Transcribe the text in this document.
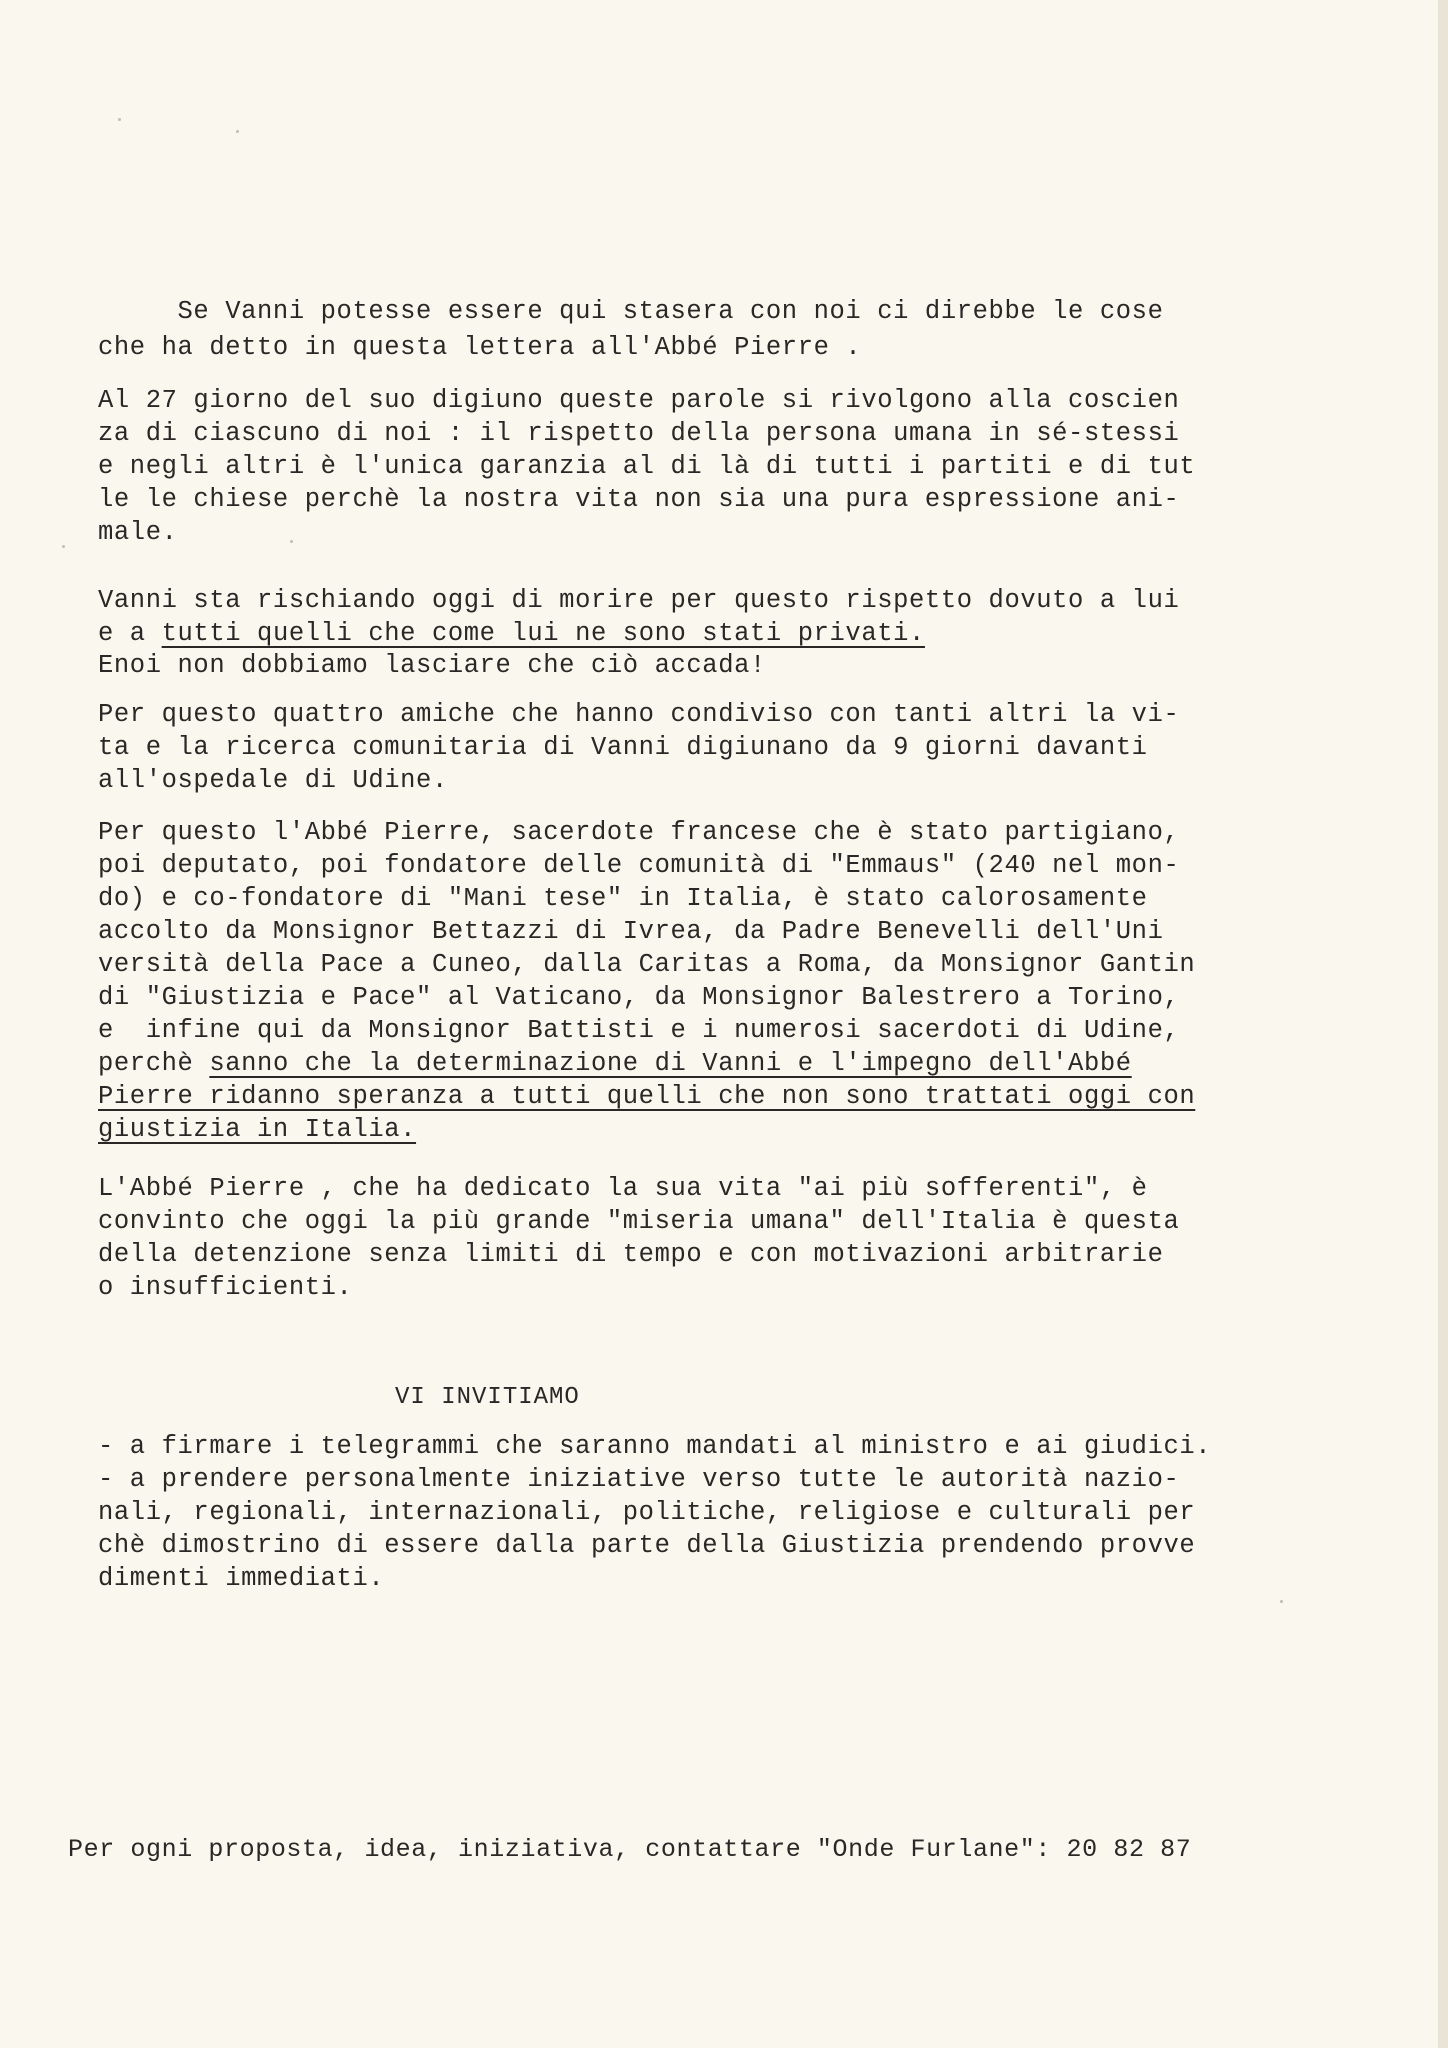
Se Vanni potesse essere qui stasera con noi ci direbbe le cose
che ha detto in questa lettera all'Abbé Pierre .
Al 27 giorno del suo digiuno queste parole si rivolgono alla coscien
za di ciascuno di noi : il rispetto della persona umana in sé-stessi
e negli altri è l'unica garanzia al di là di tutti i partiti e di tut
le le chiese perchè la nostra vita non sia una pura espressione ani-
male.
Vanni sta rischiando oggi di morire per questo rispetto dovuto a lui
e a tutti quelli che come lui ne sono stati privati.
Enoi non dobbiamo lasciare che ciò accada!
Per questo quattro amiche che hanno condiviso con tanti altri la vi-
ta e la ricerca comunitaria di Vanni digiunano da 9 giorni davanti
all'ospedale di Udine.
Per questo l'Abbé Pierre, sacerdote francese che è stato partigiano,
poi deputato, poi fondatore delle comunità di "Emmaus" (240 nel mon-
do) e co-fondatore di "Mani tese" in Italia, è stato calorosamente
accolto da Monsignor Bettazzi di Ivrea, da Padre Benevelli dell'Uni
versità della Pace a Cuneo, dalla Caritas a Roma, da Monsignor Gantin
di "Giustizia e Pace" al Vaticano, da Monsignor Balestrero a Torino,
e  infine qui da Monsignor Battisti e i numerosi sacerdoti di Udine,
perchè sanno che la determinazione di Vanni e l'impegno dell'Abbé
Pierre ridanno speranza a tutti quelli che non sono trattati oggi con
giustizia in Italia.
L'Abbé Pierre , che ha dedicato la sua vita "ai più sofferenti", è
convinto che oggi la più grande "miseria umana" dell'Italia è questa
della detenzione senza limiti di tempo e con motivazioni arbitrarie
o insufficienti.
VI INVITIAMO
- a firmare i telegrammi che saranno mandati al ministro e ai giudici.
- a prendere personalmente iniziative verso tutte le autorità nazio-
nali, regionali, internazionali, politiche, religiose e culturali per
chè dimostrino di essere dalla parte della Giustizia prendendo provve
dimenti immediati.
Per ogni proposta, idea, iniziativa, contattare "Onde Furlane": 20 82 87
